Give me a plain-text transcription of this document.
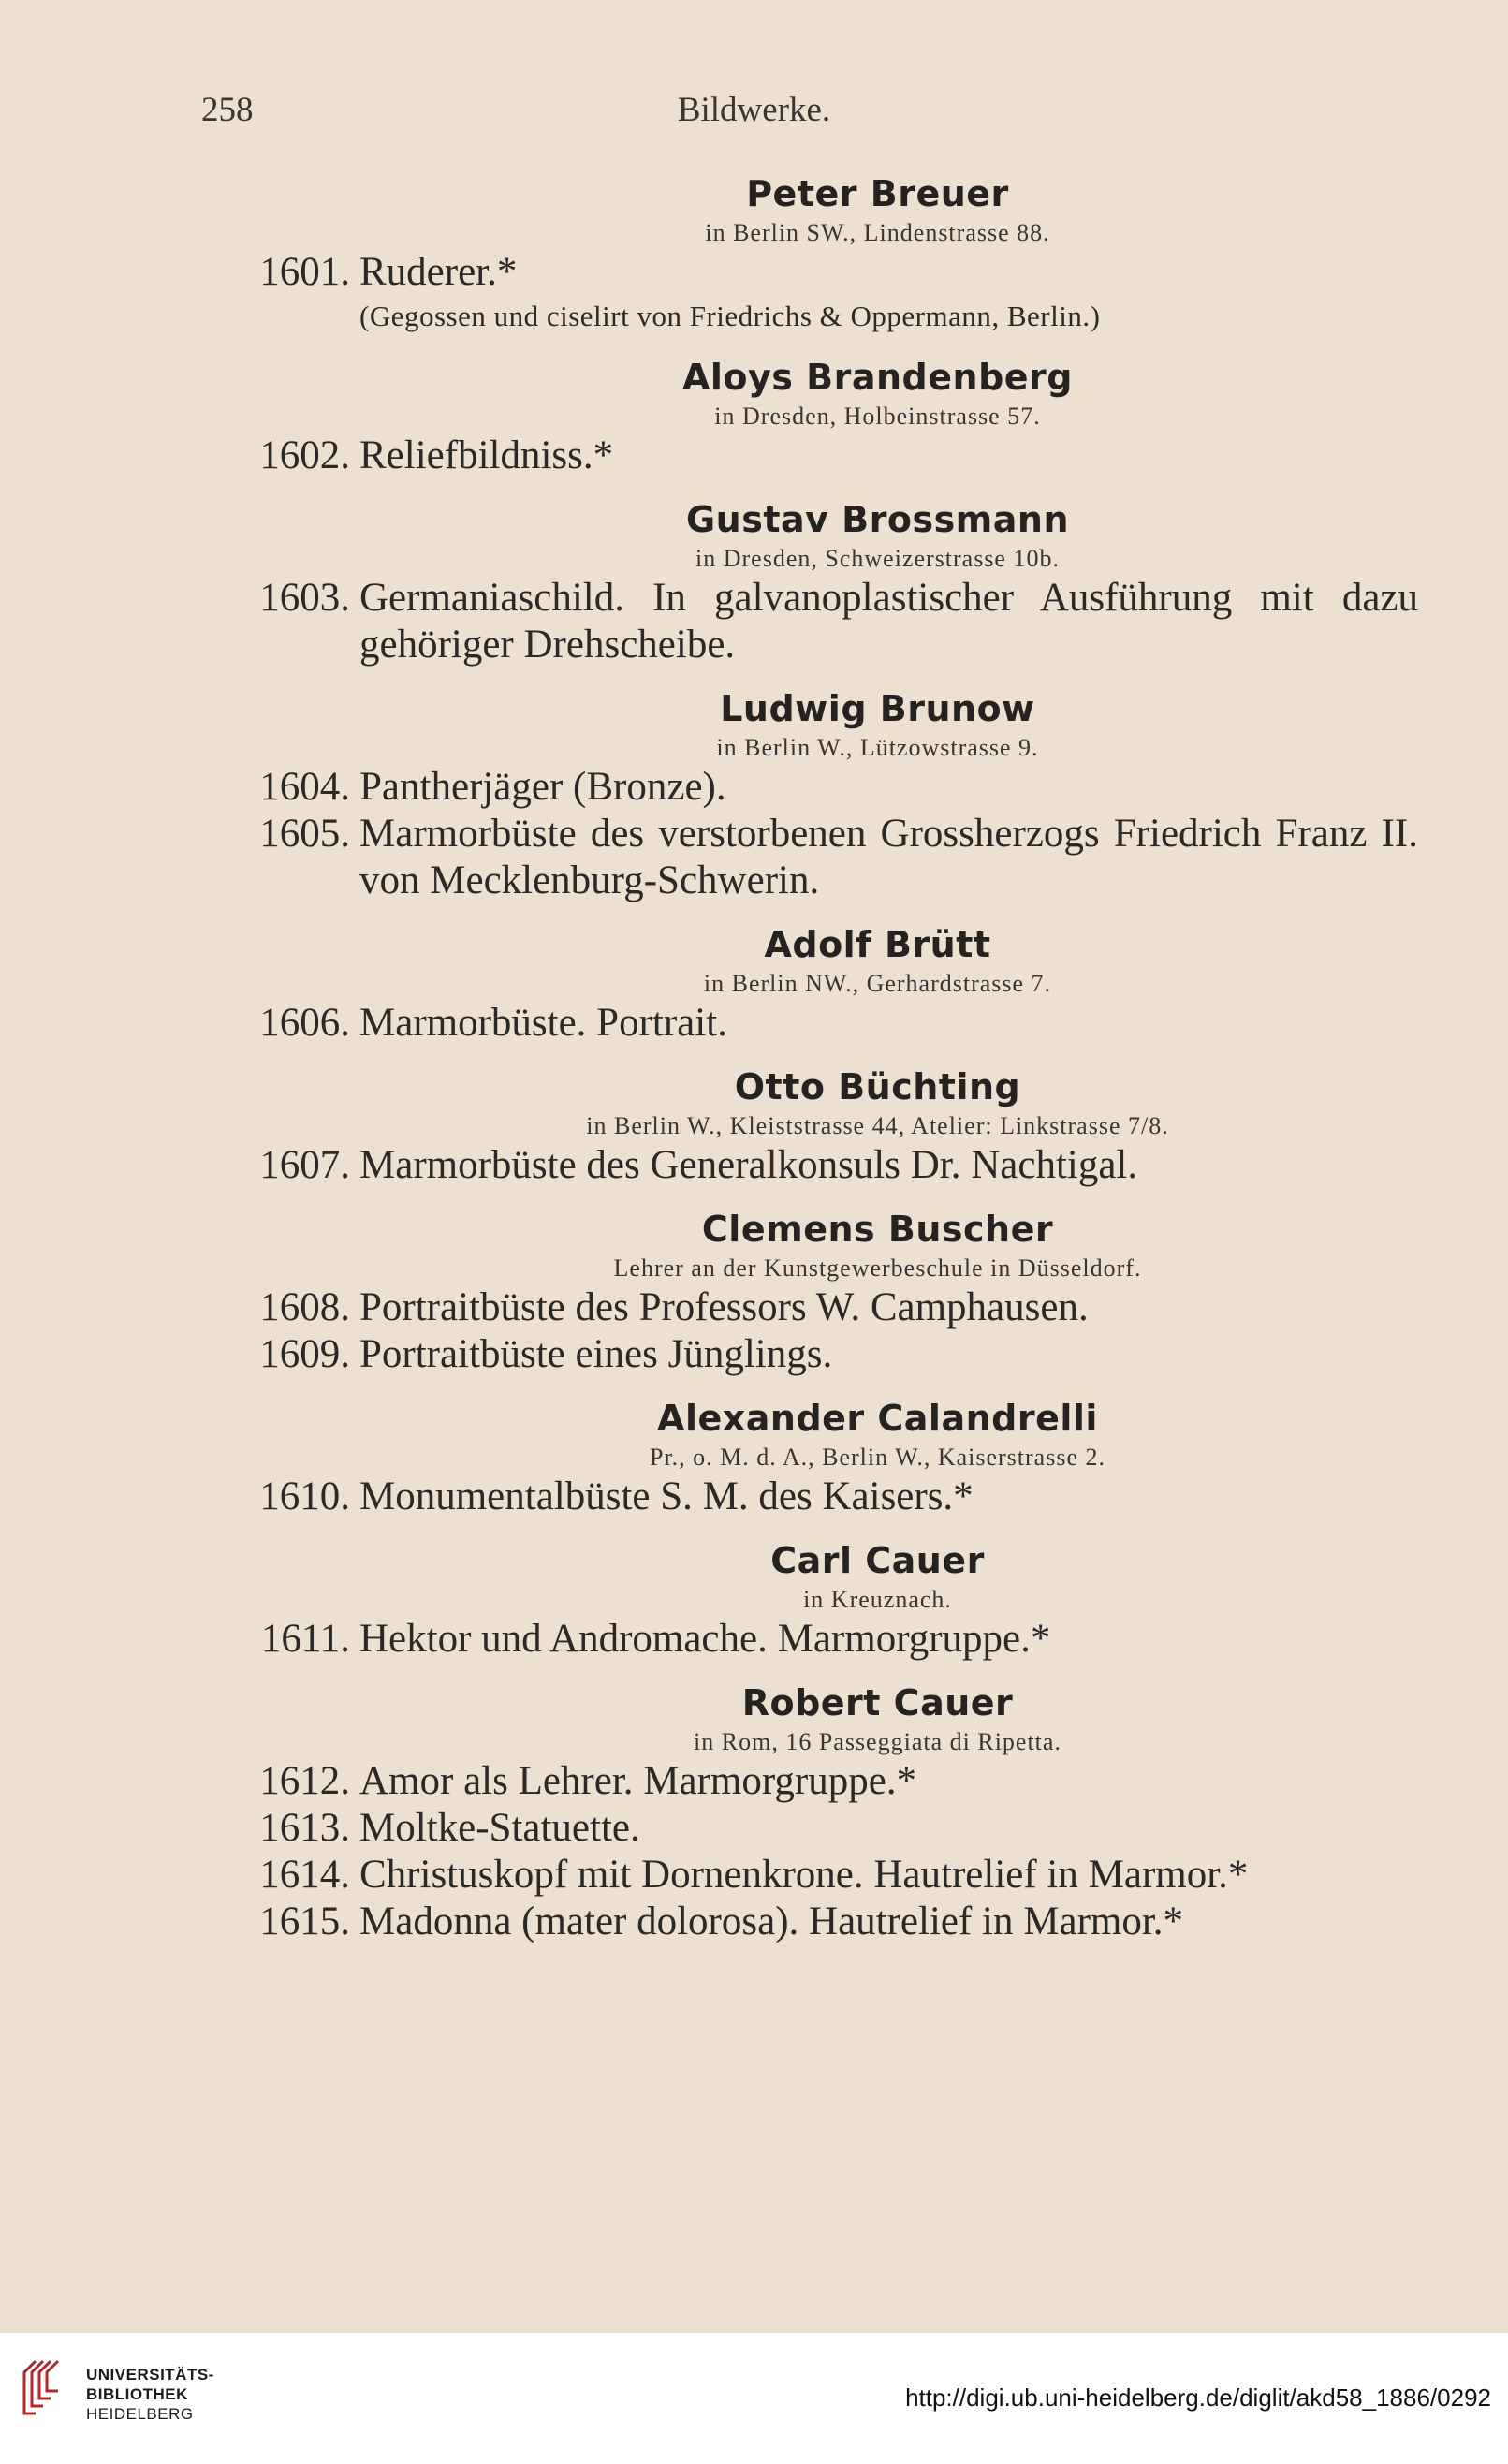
258	Bildwerke.
Peter Breuer
in Berlin SW., Lindenstrasse 88.
1601. Ruderer.*
(Gegossen und ciselirt von Friedrichs & Oppermann, Berlin.)
Aloys Brandenberg
in Dresden, Holbeinstrasse 57.
1602. Reliefbildniss.*
Gustav Brossmann
in Dresden, Schweizerstrasse 10b.
1603. Germaniaschild. In galvanoplastischer Ausführung mit dazu gehöriger Drehscheibe.
Ludwig Brunow
in Berlin W., Lützowstrasse 9.
1604. Pantherjäger (Bronze).
1605. Marmorbüste des verstorbenen Grossherzogs Friedrich Franz II. von Mecklenburg-Schwerin.
Adolf Brütt
in Berlin NW., Gerhardstrasse 7.
1606. Marmorbüste. Portrait.
Otto Büchting
in Berlin W., Kleiststrasse 44, Atelier: Linkstrasse 7/8.
1607. Marmorbüste des Generalkonsuls Dr. Nachtigal.
Clemens Buscher
Lehrer an der Kunstgewerbeschule in Düsseldorf.
1608. Portraitbüste des Professors W. Camphausen.
1609. Portraitbüste eines Jünglings.
Alexander Calandrelli
Pr., o. M. d. A., Berlin W., Kaiserstrasse 2.
1610. Monumentalbüste S. M. des Kaisers.*
Carl Cauer
in Kreuznach.
1611. Hektor und Andromache. Marmorgruppe.*
Robert Cauer
in Rom, 16 Passeggiata di Ripetta.
1612. Amor als Lehrer. Marmorgruppe.*
1613. Moltke-Statuette.
1614. Christuskopf mit Dornenkrone. Hautrelief in Marmor.*
1615. Madonna (mater dolorosa). Hautrelief in Marmor.*
UNIVERSITÄTS-
BIBLIOTHEK
HEIDELBERG
http://digi.ub.uni-heidelberg.de/diglit/akd58_1886/0292
